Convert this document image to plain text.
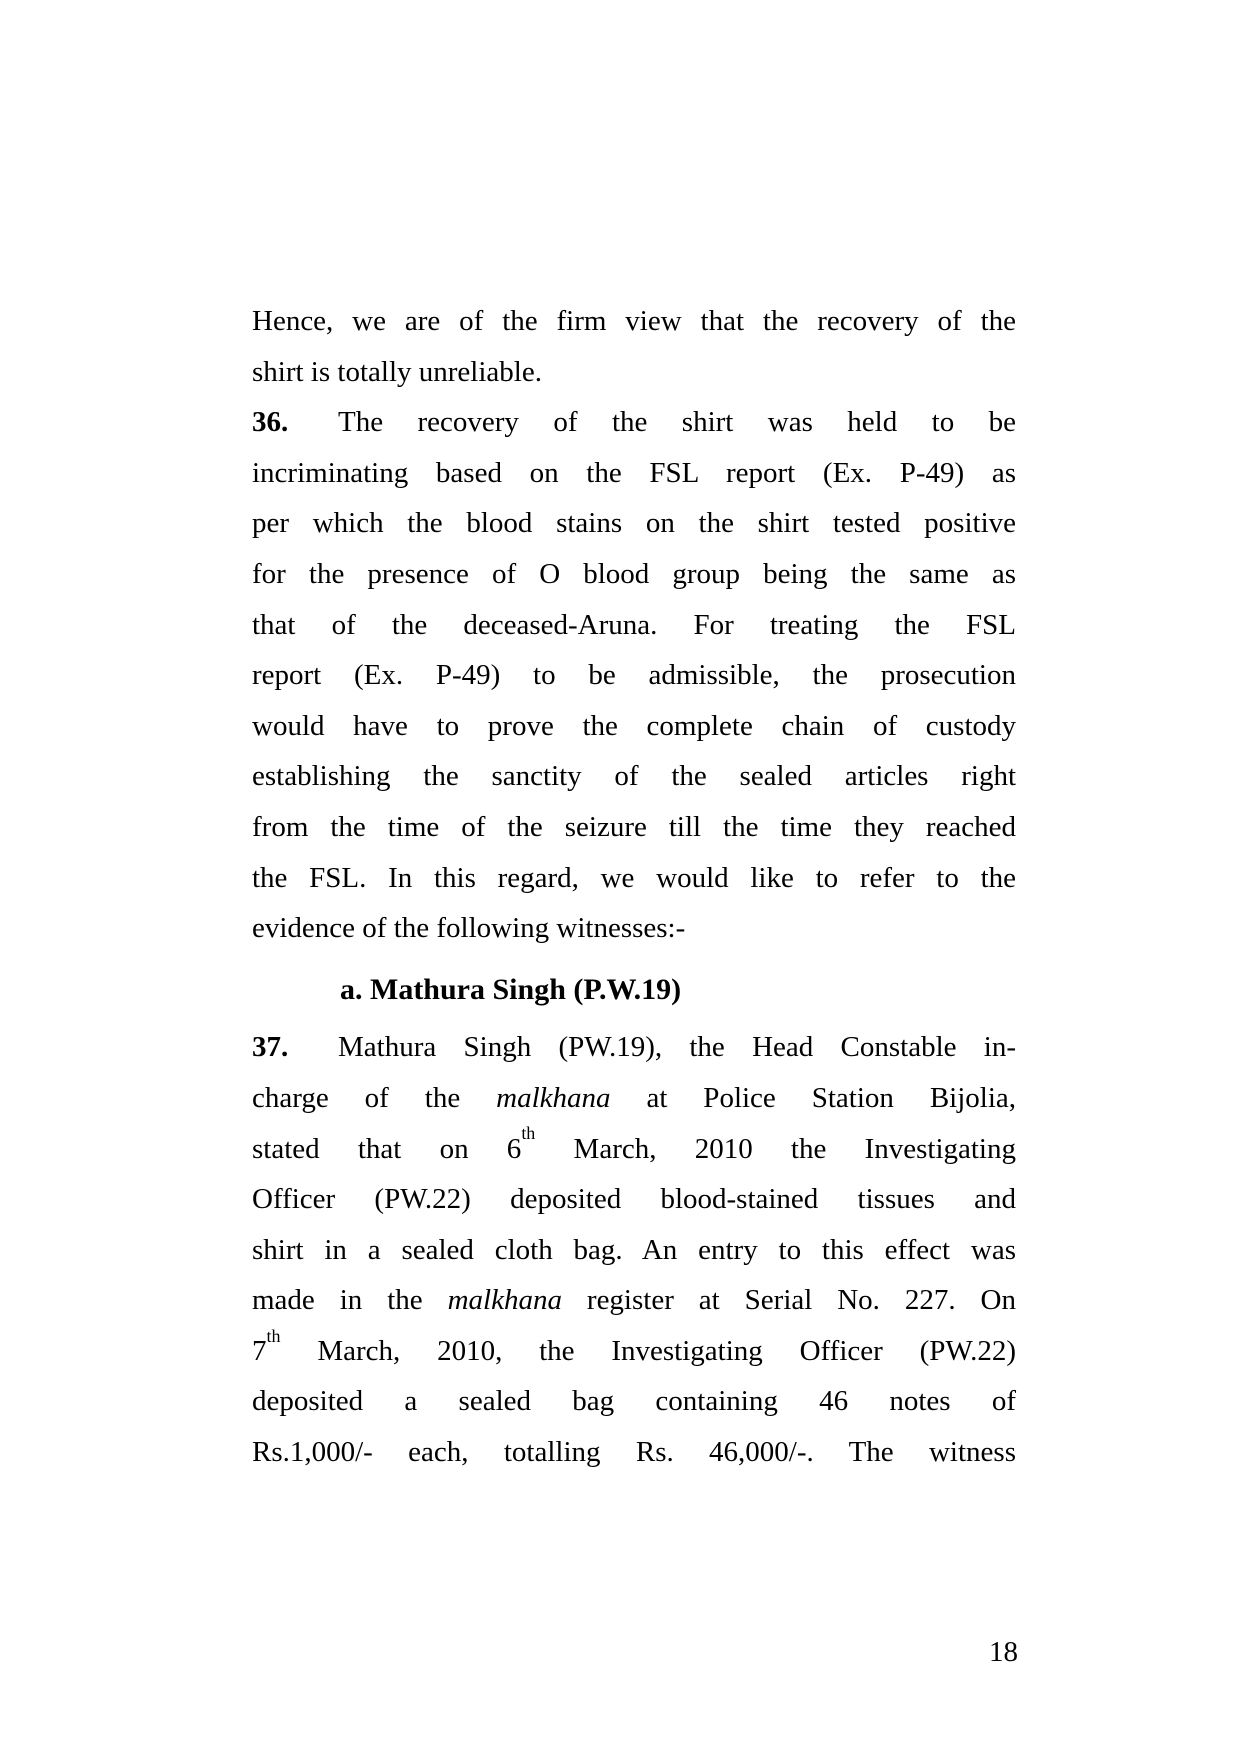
Hence, we are of the firm view that the recovery of the
shirt is totally unreliable.
36. The recovery of the shirt was held to be
incriminating based on the FSL report (Ex. P-49) as
per which the blood stains on the shirt tested positive
for the presence of O blood group being the same as
that of the deceased-Aruna. For treating the FSL
report (Ex. P-49) to be admissible, the prosecution
would have to prove the complete chain of custody
establishing the sanctity of the sealed articles right
from the time of the seizure till the time they reached
the FSL. In this regard, we would like to refer to the
evidence of the following witnesses:-
a. Mathura Singh (P.W.19)
37. Mathura Singh (PW.19), the Head Constable in-
charge of the malkhana at Police Station Bijolia,
stated that on 6th March, 2010 the Investigating
Officer (PW.22) deposited blood-stained tissues and
shirt in a sealed cloth bag. An entry to this effect was
made in the malkhana register at Serial No. 227. On
7th March, 2010, the Investigating Officer (PW.22)
deposited a sealed bag containing 46 notes of
Rs.1,000/- each, totalling Rs. 46,000/-. The witness
18
